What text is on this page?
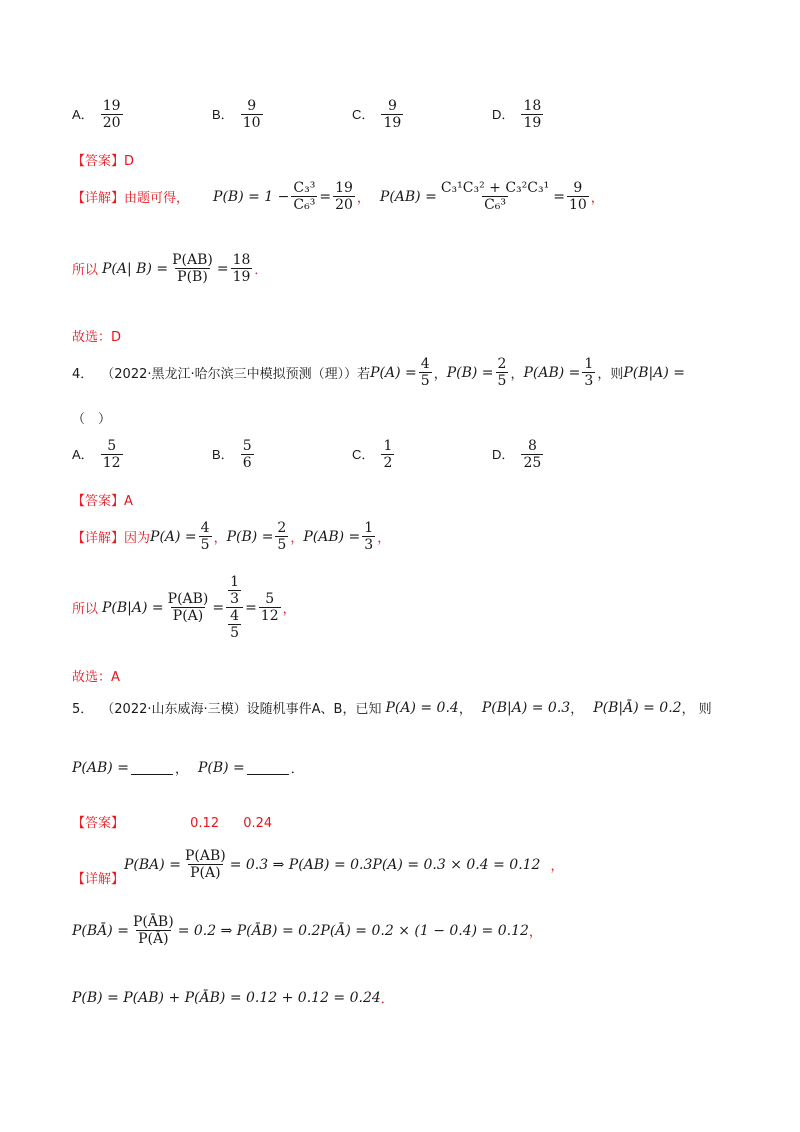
A． $\frac{19}{20}$	B． $\frac{9}{10}$	C． $\frac{9}{19}$	D． $\frac{18}{19}$
【答案】D
【详解】 由题可得， $P(B) = 1 - \frac{\text{C₃³}}{\text{C₆³}} = \frac{19}{20}$ ， $P(AB) = \frac{\text{C₃¹C₃² + C₃²C₃¹}}{\text{C₆³}} = \frac{9}{10}$ ，
所以 P(A| $B) = \frac{P(AB)}{P(B)} = \frac{18}{19}$ ．
故选：D
4． （2022·黑龙江·哈尔滨三中模拟预测（理））若 $P(A) = \frac{4}{5}$ ， $P(B) = \frac{2}{5}$ ， $P(AB) = \frac{1}{3}$ ， 则 P(B|A) =
（　）
A． $\frac{5}{12}$	B． $\frac{5}{6}$	C． $\frac{1}{2}$	D． $\frac{8}{25}$
【答案】A
【详解】 因为 $P(A) = \frac{4}{5}$ ， $P(B) = \frac{2}{5}$ ， $P(AB) = \frac{1}{3}$ ，
所以 $P(B|A) = \frac{P(AB)}{P(A)} = \frac{\frac{1}{3}}{\frac{4}{5}} = \frac{5}{12}$ ，
故选：A
5． （2022·山东威海·三模）设随机事件A、B，已知 P(A) = 0.4 ， P(B|A) = 0.3 ， P(B|Ā) = 0.2 ， 则
P(AB) =	， P(B) =	．
【答案】	0.12 0.24
【详解】
$P(BA) = \frac{P(AB)}{P(A)} = 0.3$ ⇒ P(AB) = 0.3P(A) = 0.3 × 0.4 = 0.12 ，
P(BĀ) = $\frac{P(ĀB)}{P(Ā)} = 0.2$ ⇒ P(ĀB) = 0.2P(Ā) = 0.2 × (1 − 0.4) = 0.12 ，
P(B) = P(AB) + P(ĀB) = 0.12 + 0.12 = 0.24 ．
